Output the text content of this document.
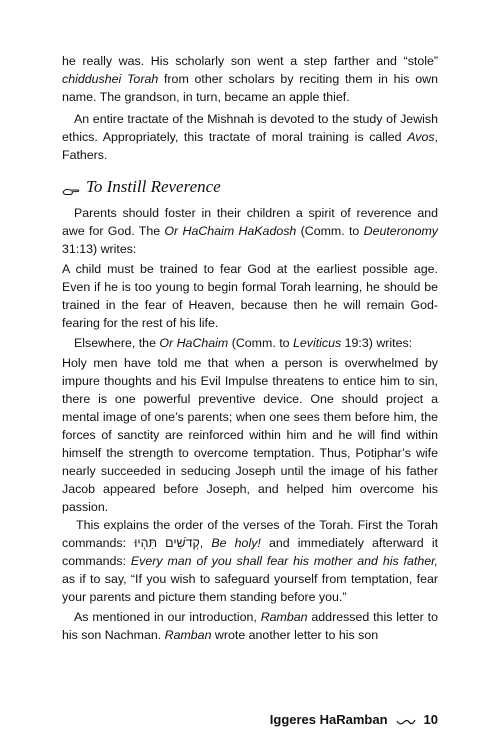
he really was. His scholarly son went a step farther and “stole” chiddushei Torah from other scholars by reciting them in his own name. The grandson, in turn, became an apple thief.

An entire tractate of the Mishnah is devoted to the study of Jewish ethics. Appropriately, this tractate of moral training is called Avos, Fathers.

To Instill Reverence

Parents should foster in their children a spirit of reverence and awe for God. The Or HaChaim HaKadosh (Comm. to Deuteronomy 31:13) writes:

A child must be trained to fear God at the earliest possible age. Even if he is too young to begin formal Torah learning, he should be trained in the fear of Heaven, because then he will remain God-fearing for the rest of his life.

Elsewhere, the Or HaChaim (Comm. to Leviticus 19:3) writes:

Holy men have told me that when a person is overwhelmed by impure thoughts and his Evil Impulse threatens to entice him to sin, there is one powerful preventive device. One should project a mental image of one’s parents; when one sees them before him, the forces of sanctity are reinforced within him and he will find within himself the strength to overcome temptation. Thus, Potiphar’s wife nearly succeeded in seducing Joseph until the image of his father Jacob appeared before Joseph, and helped him overcome his passion.

This explains the order of the verses of the Torah. First the Torah commands: קְדֹשִׁים תִּהְיוּ, Be holy! and immediately afterward it commands: Every man of you shall fear his mother and his father, as if to say, “If you wish to safeguard yourself from temptation, fear your parents and picture them standing before you.”

As mentioned in our introduction, Ramban addressed this letter to his son Nachman. Ramban wrote another letter to his son

Iggeres HaRamban	10
